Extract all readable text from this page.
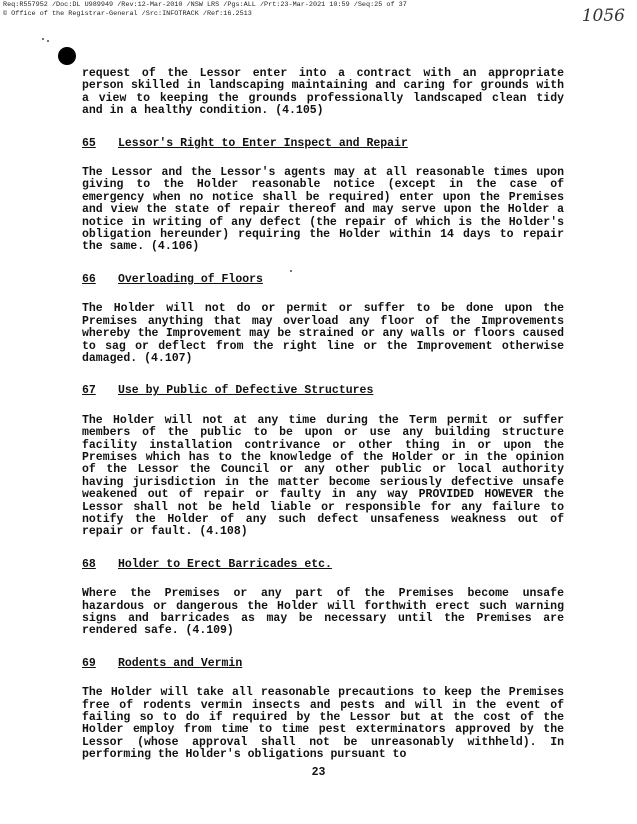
Req:R557952 /Doc:DL U989949 /Rev:12-Mar-2010 /NSW LRS /Pgs:ALL /Prt:23-Mar-2021 10:59 /Seq:25 of 37
© Office of the Registrar-General /Src:INFOTRACK /Ref:16.2513	1056

request of the Lessor enter into a contract with an appropriate person skilled in landscaping maintaining and caring for grounds with a view to keeping the grounds professionally landscaped clean tidy and in a healthy condition. (4.105)

65	Lessor's Right to Enter Inspect and Repair

The Lessor and the Lessor's agents may at all reasonable times upon giving to the Holder reasonable notice (except in the case of emergency when no notice shall be required) enter upon the Premises and view the state of repair thereof and may serve upon the Holder a notice in writing of any defect (the repair of which is the Holder's obligation hereunder) requiring the Holder within 14 days to repair the same. (4.106)

66	Overloading of Floors

The Holder will not do or permit or suffer to be done upon the Premises anything that may overload any floor of the Improvements whereby the Improvement may be strained or any walls or floors caused to sag or deflect from the right line or the Improvement otherwise damaged. (4.107)

67	Use by Public of Defective Structures

The Holder will not at any time during the Term permit or suffer members of the public to be upon or use any building structure facility installation contrivance or other thing in or upon the Premises which has to the knowledge of the Holder or in the opinion of the Lessor the Council or any other public or local authority having jurisdiction in the matter become seriously defective unsafe weakened out of repair or faulty in any way PROVIDED HOWEVER the Lessor shall not be held liable or responsible for any failure to notify the Holder of any such defect unsafeness weakness out of repair or fault. (4.108)

68	Holder to Erect Barricades etc.

Where the Premises or any part of the Premises become unsafe hazardous or dangerous the Holder will forthwith erect such warning signs and barricades as may be necessary until the Premises are rendered safe. (4.109)

69	Rodents and Vermin

The Holder will take all reasonable precautions to keep the Premises free of rodents vermin insects and pests and will in the event of failing so to do if required by the Lessor but at the cost of the Holder employ from time to time pest exterminators approved by the Lessor (whose approval shall not be unreasonably withheld). In performing the Holder's obligations pursuant to

23
